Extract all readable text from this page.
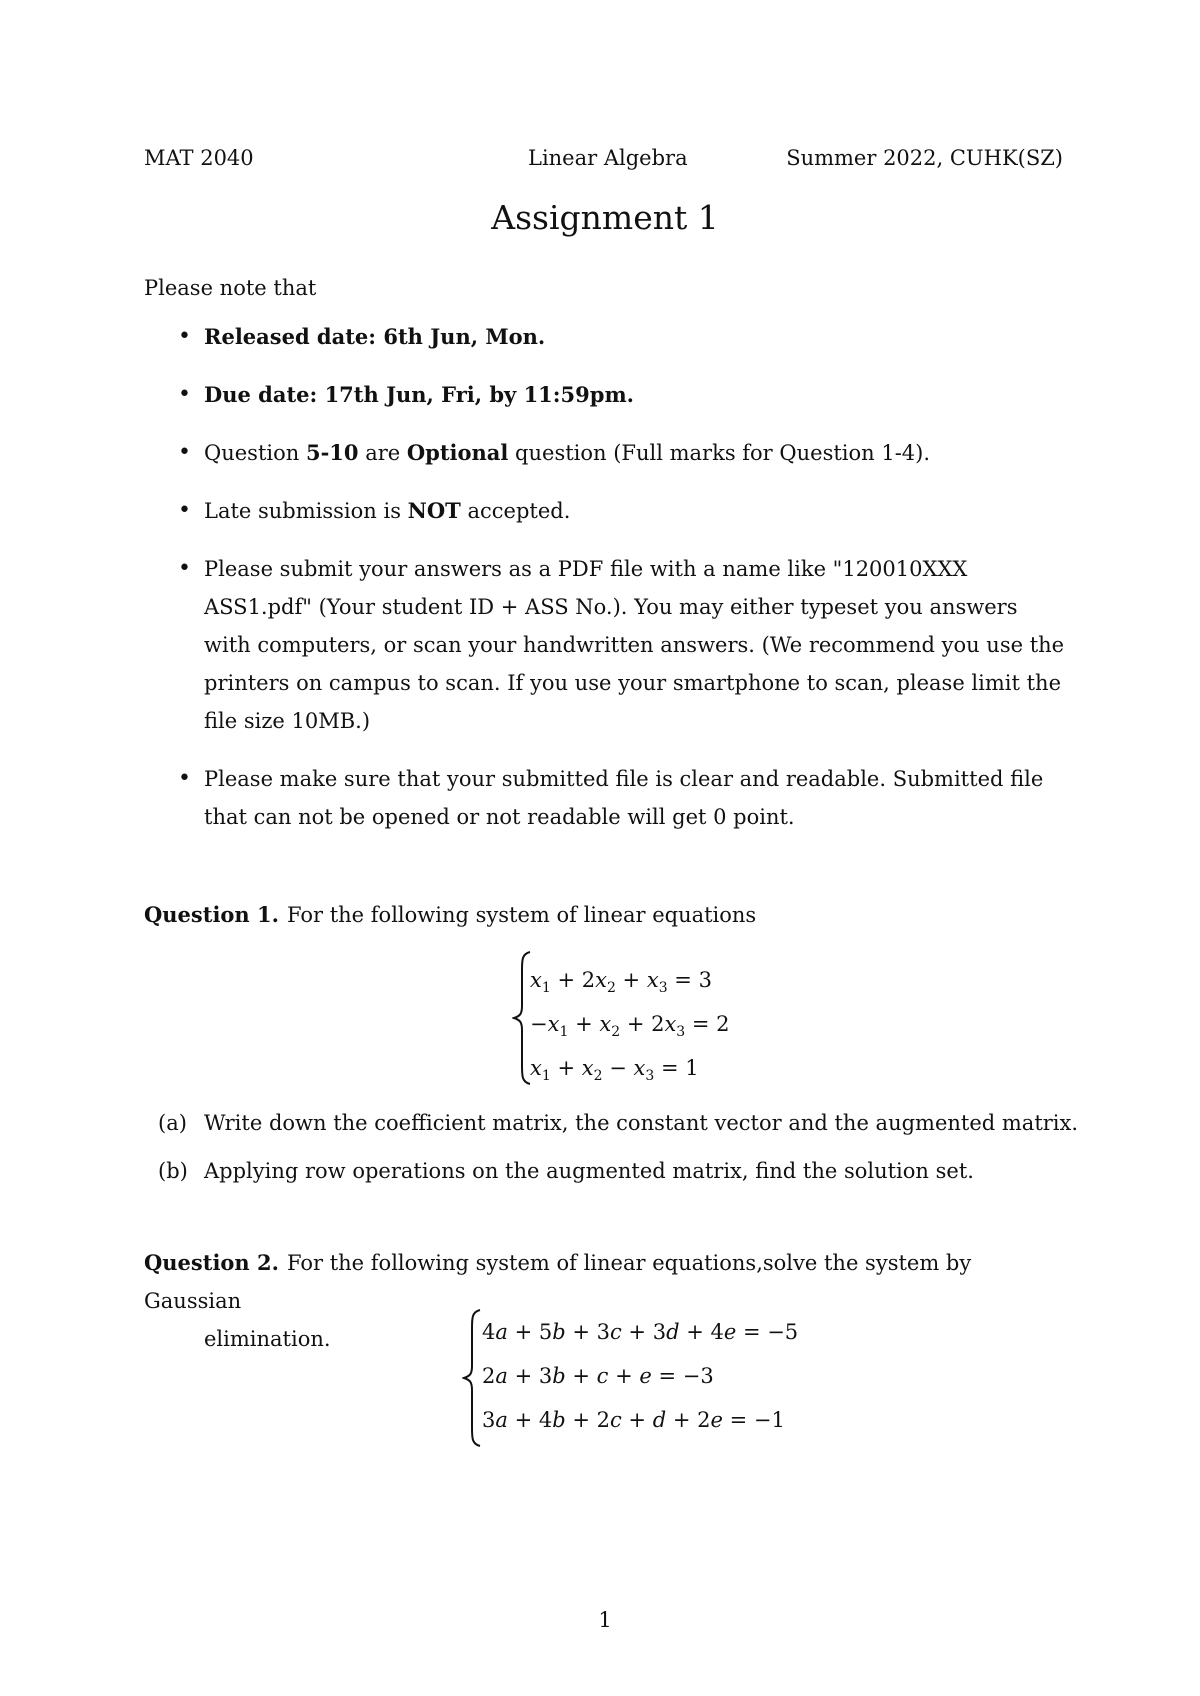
MAT 2040	Linear Algebra	Summer 2022, CUHK(SZ)
Assignment 1
Please note that
• Released date: 6th Jun, Mon.
• Due date: 17th Jun, Fri, by 11:59pm.
• Question 5-10 are Optional question (Full marks for Question 1-4).
• Late submission is NOT accepted.
• Please submit your answers as a PDF file with a name like "120010XXX ASS1.pdf" (Your student ID + ASS No.). You may either typeset you answers with computers, or scan your handwritten answers. (We recommend you use the printers on campus to scan. If you use your smartphone to scan, please limit the file size 10MB.)
• Please make sure that your submitted file is clear and readable. Submitted file that can not be opened or not readable will get 0 point.
Question 1. For the following system of linear equations
$x_1 + 2x_2 + x_3 = 3$
$-x_1 + x_2 + 2x_3 = 2$
$x_1 + x_2 - x_3 = 1$
(a) Write down the coefficient matrix, the constant vector and the augmented matrix.
(b) Applying row operations on the augmented matrix, find the solution set.
Question 2. For the following system of linear equations,solve the system by Gaussian
elimination.	4a + 5b + 3c + 3d + 4e = −5
2a + 3b + c + e = −3
3a + 4b + 2c + d + 2e = −1
1
